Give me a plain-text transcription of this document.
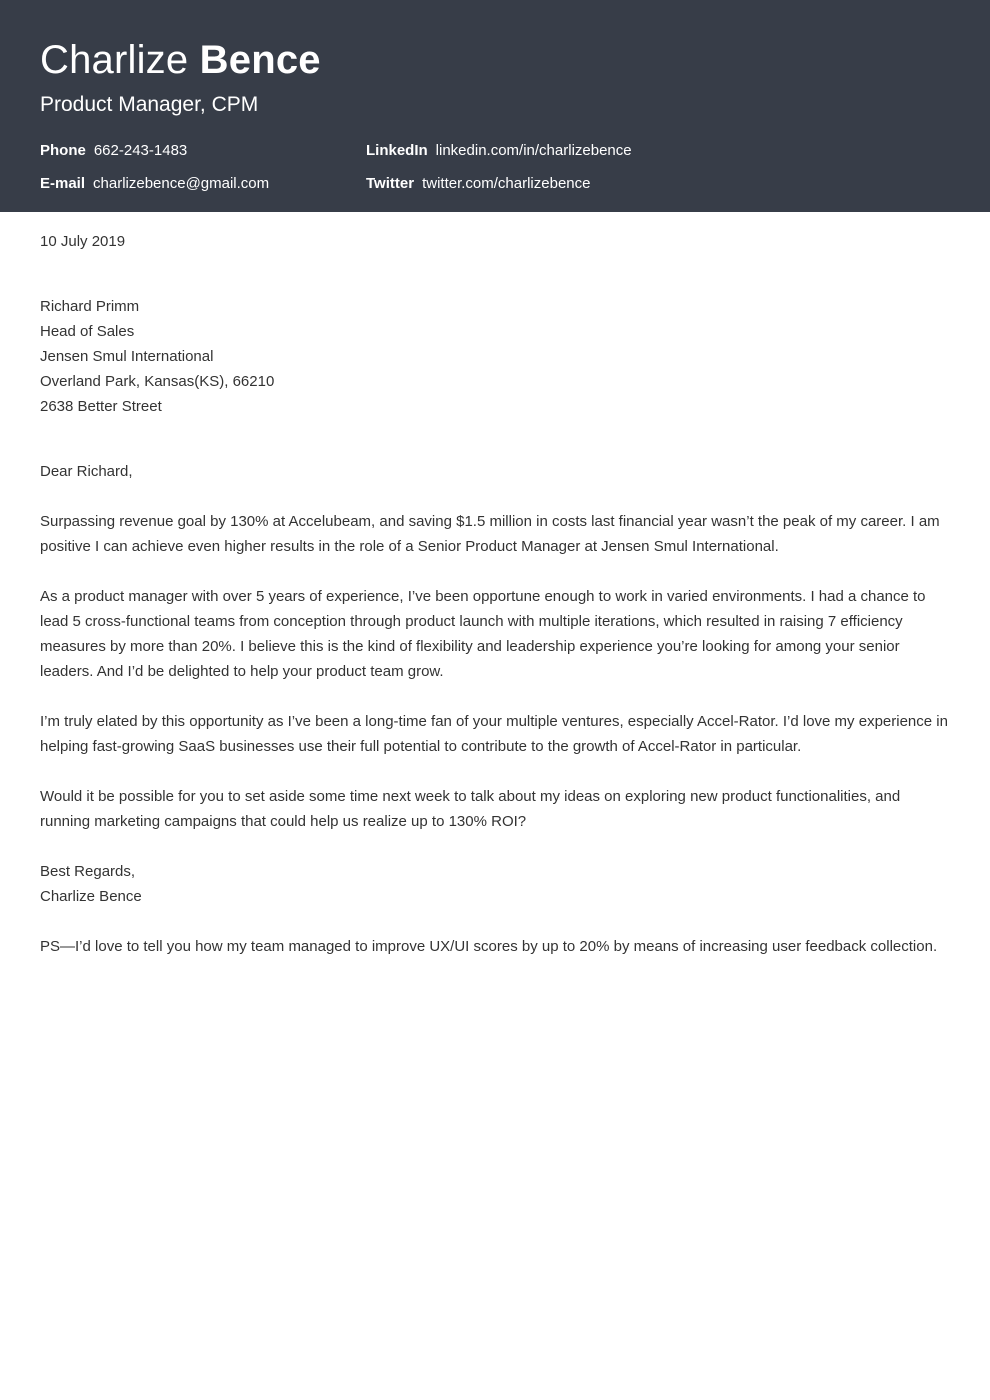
Charlize Bence
Product Manager, CPM
Phone 662-243-1483	LinkedIn linkedin.com/in/charlizebence
E-mail charlizebence@gmail.com	Twitter twitter.com/charlizebence
10 July 2019
Richard Primm
Head of Sales
Jensen Smul International
Overland Park, Kansas(KS), 66210
2638 Better Street
Dear Richard,
Surpassing revenue goal by 130% at Accelubeam, and saving $1.5 million in costs last financial year wasn’t the peak of my career. I am positive I can achieve even higher results in the role of a Senior Product Manager at Jensen Smul International.
As a product manager with over 5 years of experience, I’ve been opportune enough to work in varied environments. I had a chance to lead 5 cross-functional teams from conception through product launch with multiple iterations, which resulted in raising 7 efficiency measures by more than 20%. I believe this is the kind of flexibility and leadership experience you’re looking for among your senior leaders. And I’d be delighted to help your product team grow.
I’m truly elated by this opportunity as I’ve been a long-time fan of your multiple ventures, especially Accel-Rator. I’d love my experience in helping fast-growing SaaS businesses use their full potential to contribute to the growth of Accel-Rator in particular.
Would it be possible for you to set aside some time next week to talk about my ideas on exploring new product functionalities, and running marketing campaigns that could help us realize up to 130% ROI?
Best Regards,
Charlize Bence
PS—I’d love to tell you how my team managed to improve UX/UI scores by up to 20% by means of increasing user feedback collection.
